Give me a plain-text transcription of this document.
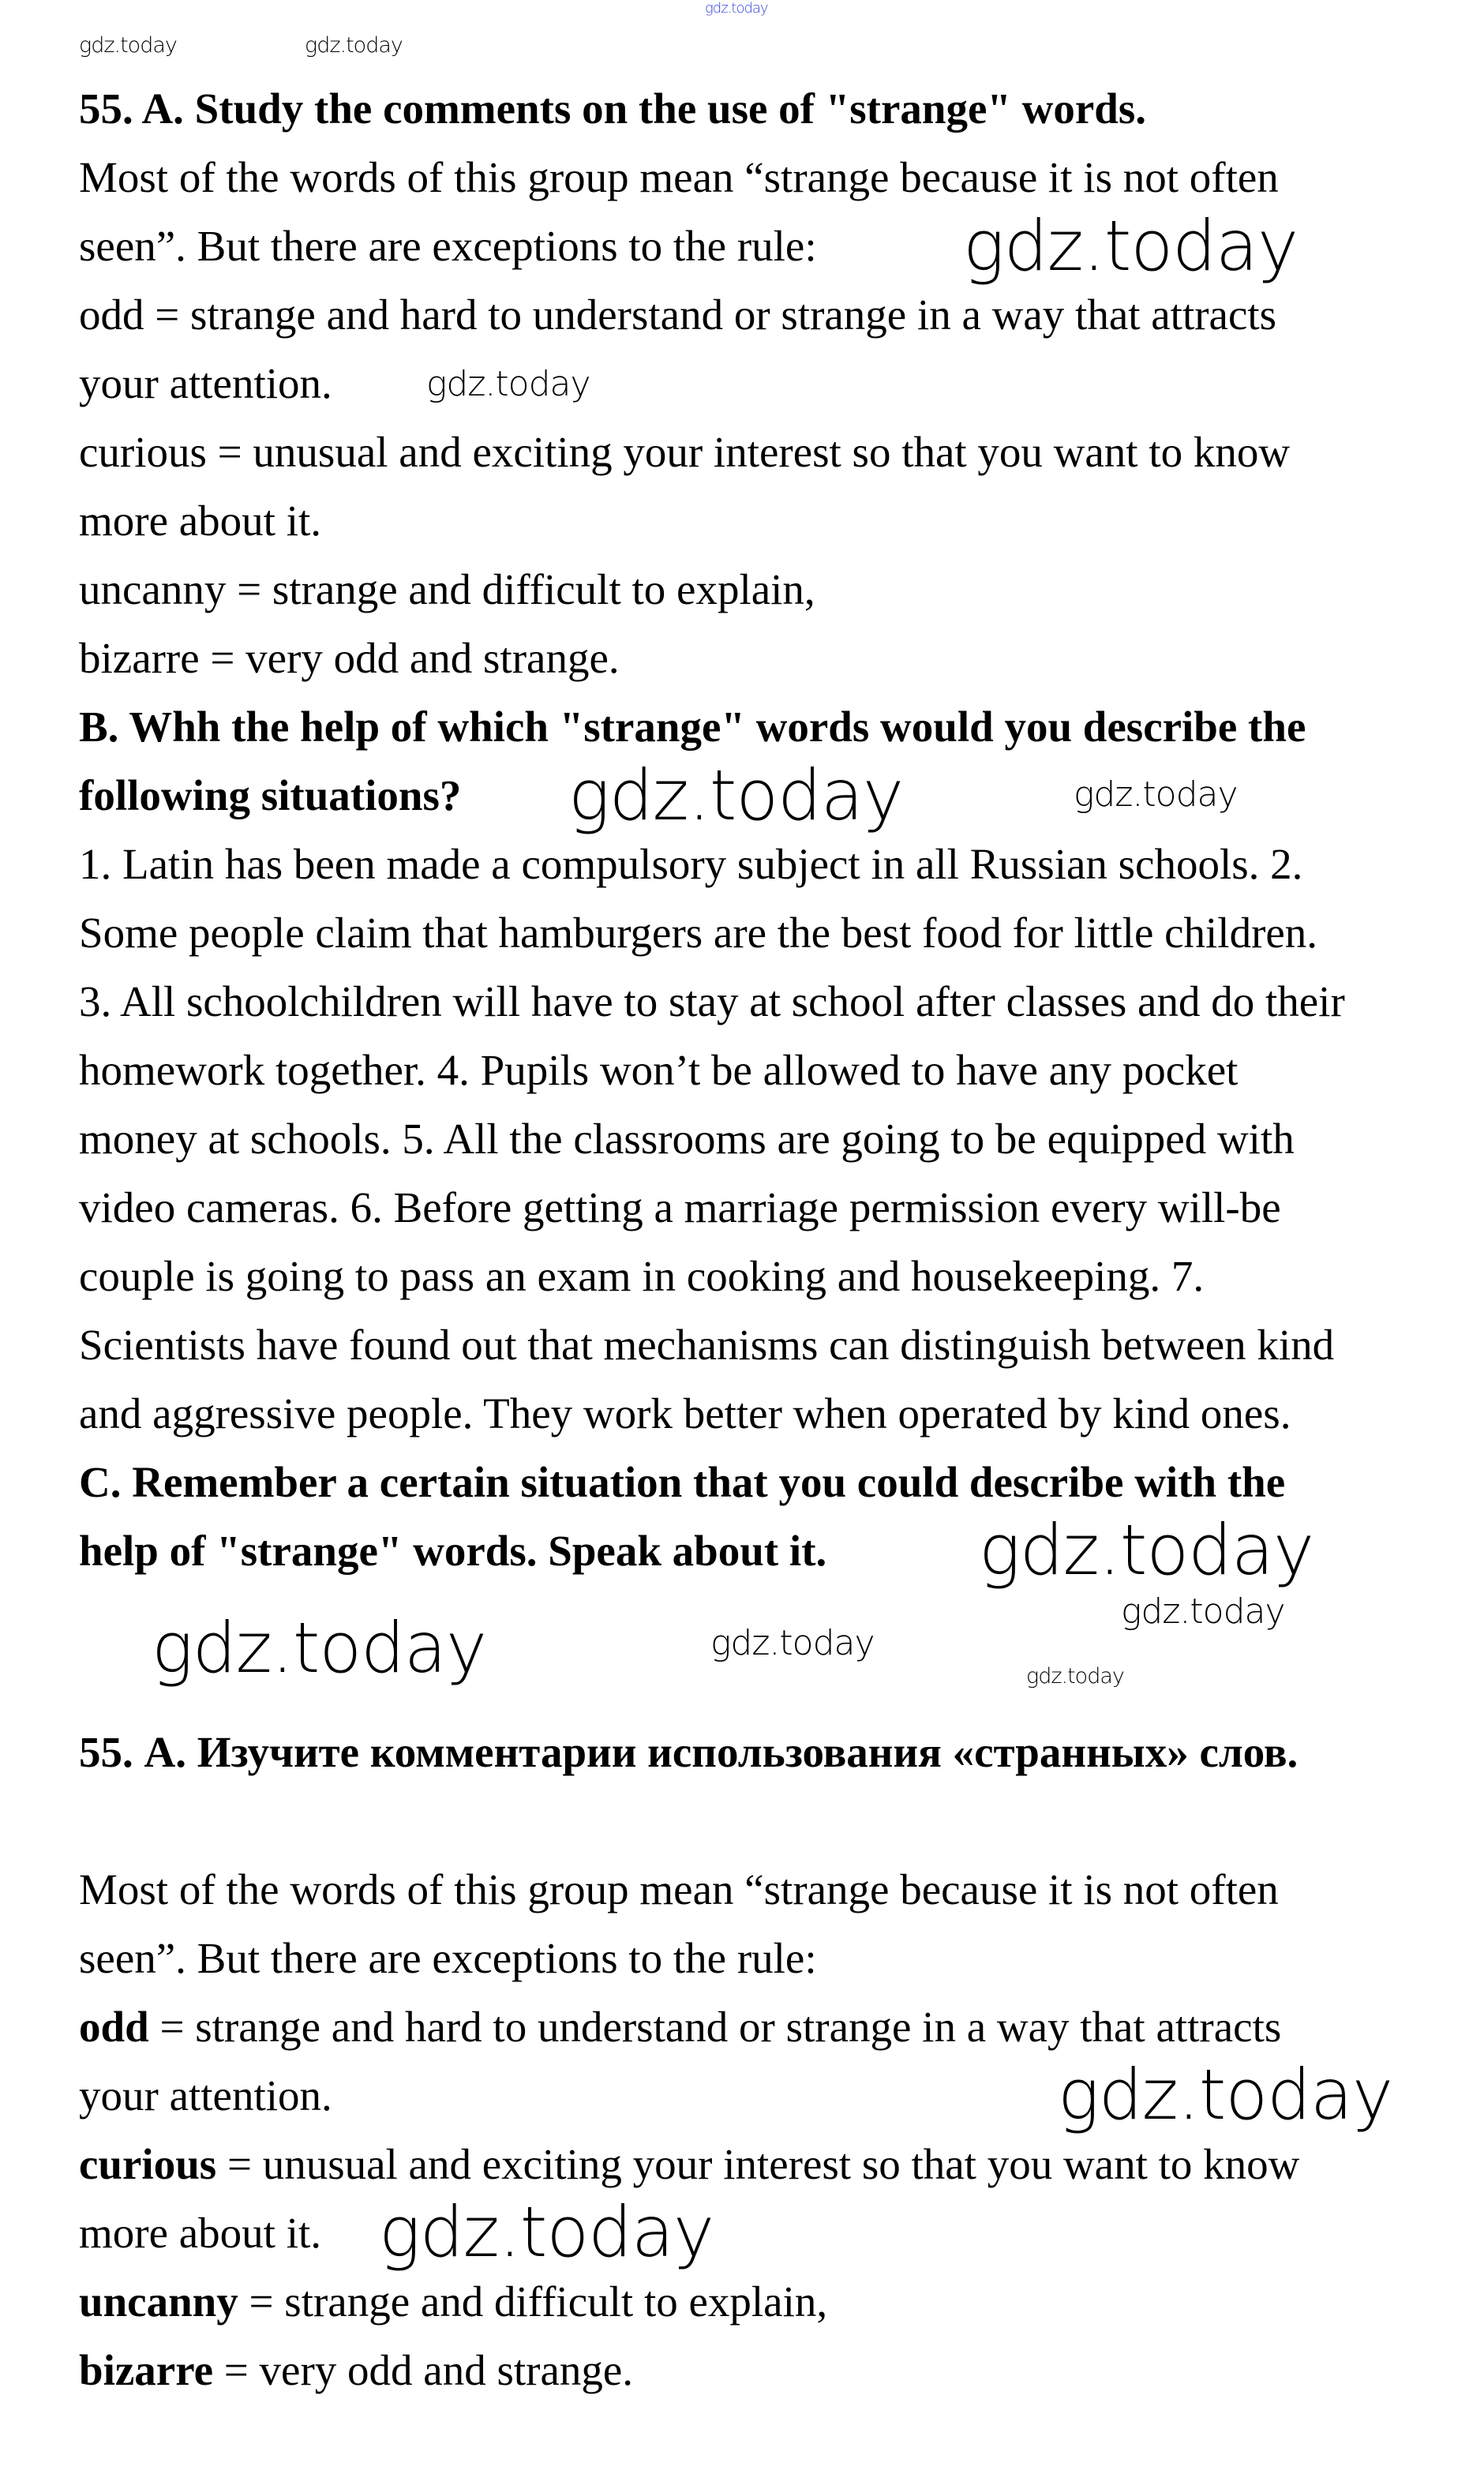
55. A. Study the comments on the use of "strange" words.
Most of the words of this group mean “strange because it is not often
seen”. But there are exceptions to the rule:
odd = strange and hard to understand or strange in a way that attracts
your attention.
curious = unusual and exciting your interest so that you want to know
more about it.
uncanny = strange and difficult to explain,
bizarre = very odd and strange.
B. Whh the help of which "strange" words would you describe the
following situations?
1. Latin has been made a compulsory subject in all Russian schools. 2.
Some people claim that hamburgers are the best food for little children.
3. All schoolchildren will have to stay at school after classes and do their
homework together. 4. Pupils won’t be allowed to have any pocket
money at schools. 5. All the classrooms are going to be equipped with
video cameras. 6. Before getting a marriage permission every will-be
couple is going to pass an exam in cooking and housekeeping. 7.
Scientists have found out that mechanisms can distinguish between kind
and aggressive people. They work better when operated by kind ones.
C. Remember a certain situation that you could describe with the
help of "strange" words. Speak about it.
55. А. Изучите комментарии использования «странных» слов.
Most of the words of this group mean “strange because it is not often
seen”. But there are exceptions to the rule:
odd = strange and hard to understand or strange in a way that attracts
your attention.
curious = unusual and exciting your interest so that you want to know
more about it.
uncanny = strange and difficult to explain,
bizarre = very odd and strange.
gdz.today
gdz.today	gdz.today
gdz.today
gdz.today
gdz.today	gdz.today
gdz.today
gdz.today	gdz.today
gdz.today
gdz.today
gdz.today
gdz.today
